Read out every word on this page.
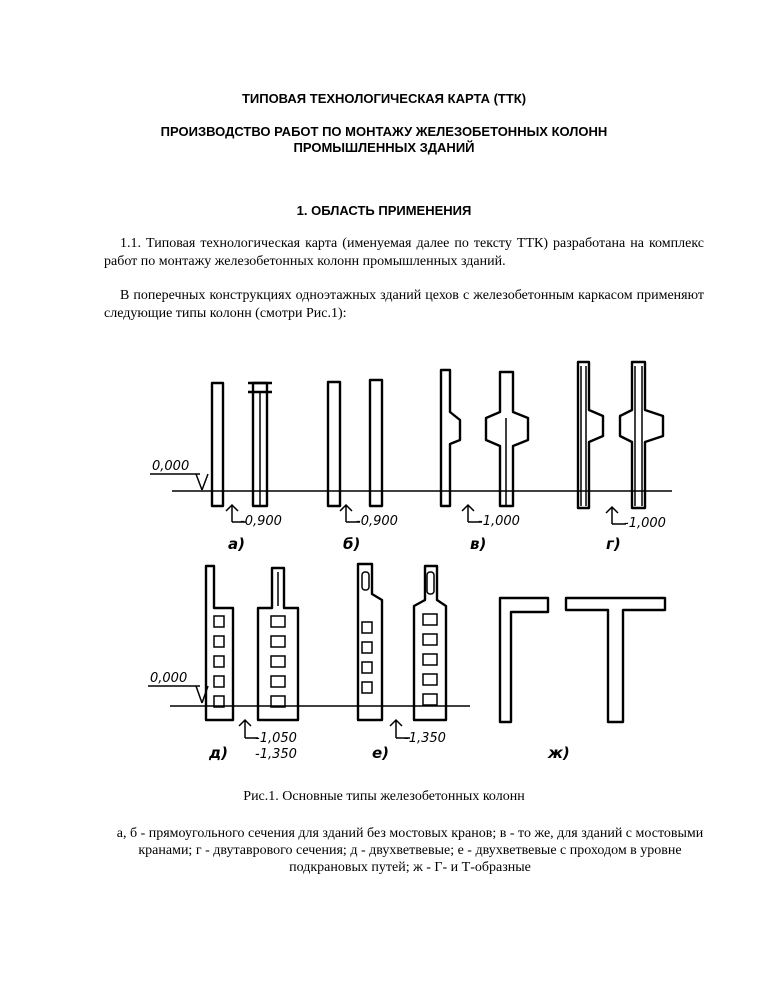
ТИПОВАЯ ТЕХНОЛОГИЧЕСКАЯ КАРТА (ТТК)
ПРОИЗВОДСТВО РАБОТ ПО МОНТАЖУ ЖЕЛЕЗОБЕТОННЫХ КОЛОНН
ПРОМЫШЛЕННЫХ ЗДАНИЙ
1. ОБЛАСТЬ ПРИМЕНЕНИЯ
1.1. Типовая технологическая карта (именуемая далее по тексту ТТК) разработана на комплекс работ по монтажу железобетонных колонн промышленных зданий.
В поперечных конструкциях одноэтажных зданий цехов с железобетонным каркасом применяют следующие типы колонн (смотри Рис.1):
0,000
-0,900
а)
-0,900
б)
-1,000
в)
-1,000
г)
0,000
-1,050
-1,350
д)
-1,350
е)	ж)
Рис.1. Основные типы железобетонных колонн
а, б - прямоугольного сечения для зданий без мостовых кранов; в - то же, для зданий с мостовыми кранами; г - двутаврового сечения; д - двухветвевые; е - двухветвевые с проходом в уровне подкрановых путей; ж - Г- и Т-образные
